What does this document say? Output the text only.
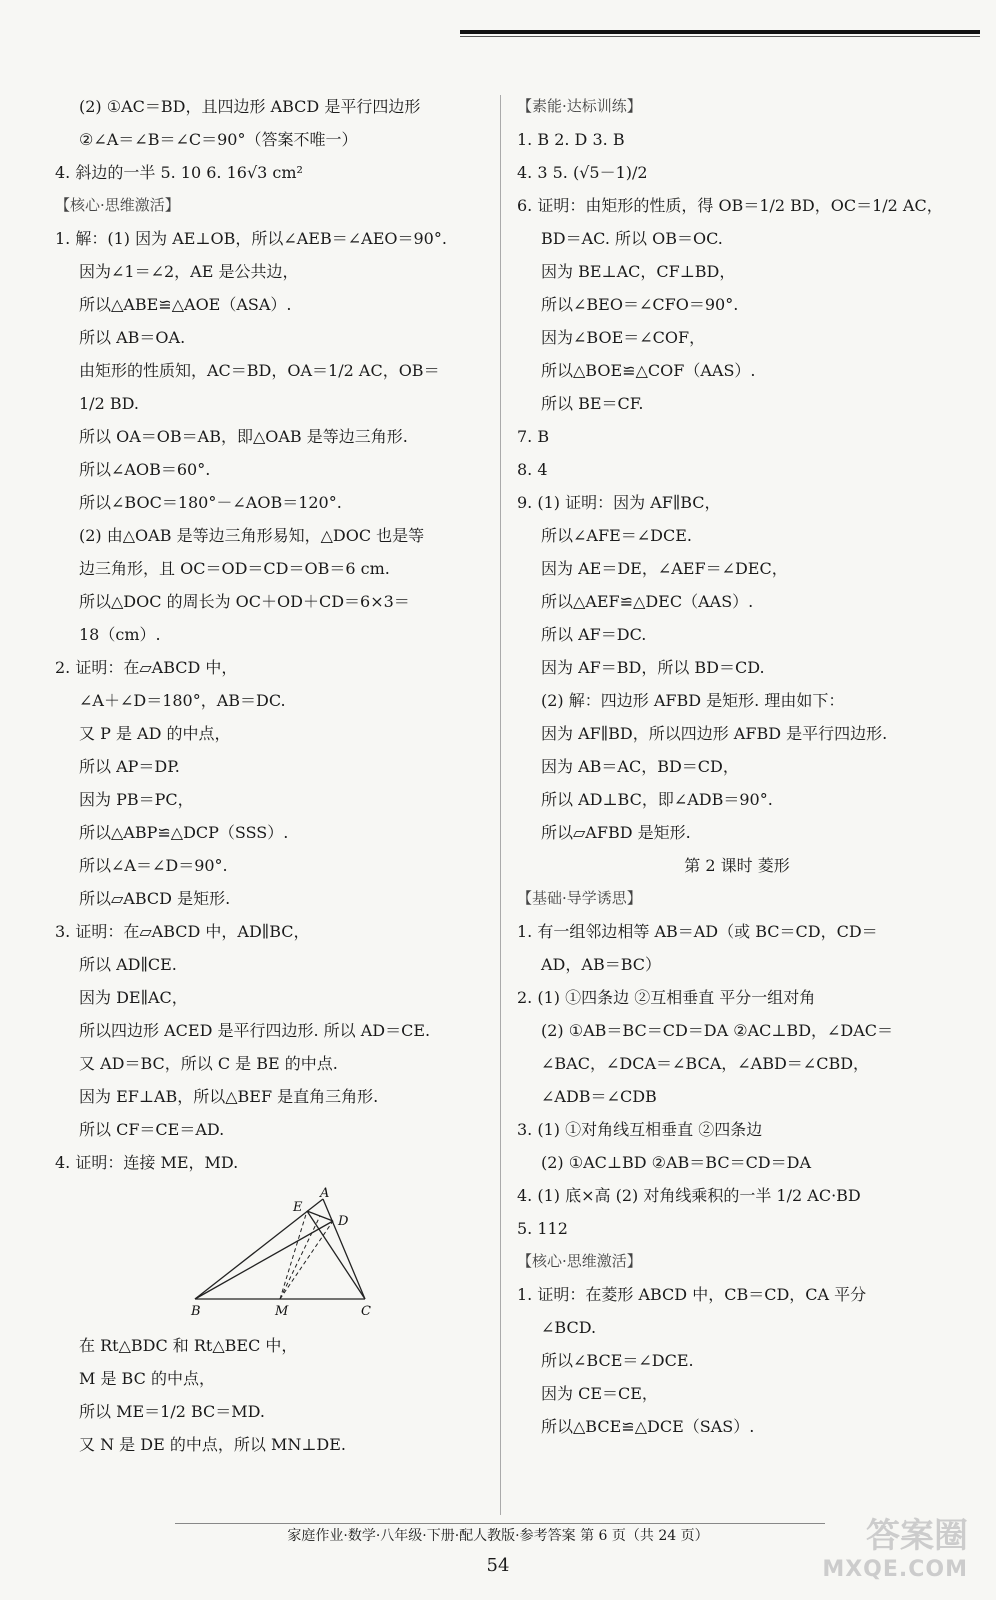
(2) ①AC＝BD，且四边形 ABCD 是平行四边形
②∠A＝∠B＝∠C＝90°（答案不唯一）
4. 斜边的一半 5. 10 6. 16√3 cm²
【核心·思维激活】
1. 解：(1) 因为 AE⊥OB，所以∠AEB＝∠AEO＝90°.
因为∠1＝∠2，AE 是公共边，
所以△ABE≌△AOE（ASA）.
所以 AB＝OA.
由矩形的性质知，AC＝BD，OA＝1/2 AC，OB＝
1/2 BD.
所以 OA＝OB＝AB，即△OAB 是等边三角形.
所以∠AOB＝60°.
所以∠BOC＝180°－∠AOB＝120°.
(2) 由△OAB 是等边三角形易知，△DOC 也是等
边三角形，且 OC＝OD＝CD＝OB＝6 cm.
所以△DOC 的周长为 OC＋OD＋CD＝6×3＝
18（cm）.
2. 证明：在▱ABCD 中，
∠A＋∠D＝180°，AB＝DC.
又 P 是 AD 的中点，
所以 AP＝DP.
因为 PB＝PC，
所以△ABP≌△DCP（SSS）.
所以∠A＝∠D＝90°.
所以▱ABCD 是矩形.
3. 证明：在▱ABCD 中，AD∥BC，
所以 AD∥CE.
因为 DE∥AC，
所以四边形 ACED 是平行四边形. 所以 AD＝CE.
又 AD＝BC，所以 C 是 BE 的中点.
因为 EF⊥AB，所以△BEF 是直角三角形.
所以 CF＝CE＝AD.
4. 证明：连接 ME，MD.
A
E
D
B	M	C
在 Rt△BDC 和 Rt△BEC 中，
M 是 BC 的中点，
所以 ME＝1/2 BC＝MD.
又 N 是 DE 的中点，所以 MN⊥DE.
【素能·达标训练】
1. B 2. D 3. B
4. 3 5. (√5－1)/2
6. 证明：由矩形的性质，得 OB＝1/2 BD，OC＝1/2 AC，
BD＝AC. 所以 OB＝OC.
因为 BE⊥AC，CF⊥BD，
所以∠BEO＝∠CFO＝90°.
因为∠BOE＝∠COF，
所以△BOE≌△COF（AAS）.
所以 BE＝CF.
7. B
8. 4
9. (1) 证明：因为 AF∥BC，
所以∠AFE＝∠DCE.
因为 AE＝DE，∠AEF＝∠DEC，
所以△AEF≌△DEC（AAS）.
所以 AF＝DC.
因为 AF＝BD，所以 BD＝CD.
(2) 解：四边形 AFBD 是矩形. 理由如下：
因为 AF∥BD，所以四边形 AFBD 是平行四边形.
因为 AB＝AC，BD＝CD，
所以 AD⊥BC，即∠ADB＝90°.
所以▱AFBD 是矩形.
第 2 课时 菱形
【基础·导学诱思】
1. 有一组邻边相等 AB＝AD（或 BC＝CD，CD＝
AD，AB＝BC）
2. (1) ①四条边 ②互相垂直 平分一组对角
(2) ①AB＝BC＝CD＝DA ②AC⊥BD，∠DAC＝
∠BAC，∠DCA＝∠BCA，∠ABD＝∠CBD，
∠ADB＝∠CDB
3. (1) ①对角线互相垂直 ②四条边
(2) ①AC⊥BD ②AB＝BC＝CD＝DA
4. (1) 底×高 (2) 对角线乘积的一半 1/2 AC·BD
5. 112
【核心·思维激活】
1. 证明：在菱形 ABCD 中，CB＝CD，CA 平分
∠BCD.
所以∠BCE＝∠DCE.
因为 CE＝CE，
所以△BCE≌△DCE（SAS）.
家庭作业·数学·八年级·下册·配人教版·参考答案 第 6 页（共 24 页）
54
答案圈
MXQE.COM
